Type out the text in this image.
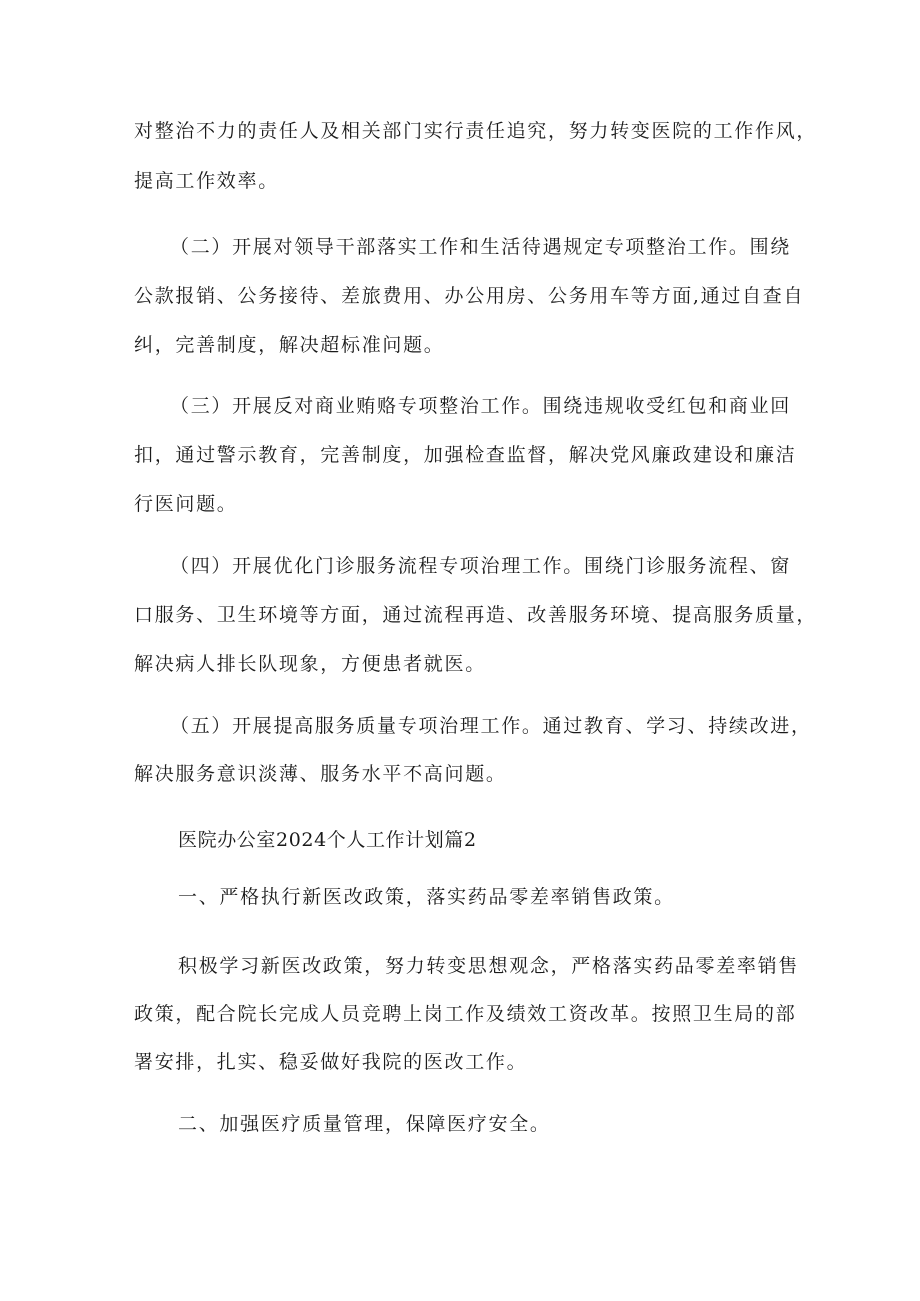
对整治不力的责任人及相关部门实行责任追究，努力转变医院的工作作风，
提高工作效率。
（二）开展对领导干部落实工作和生活待遇规定专项整治工作。围绕
公款报销、公务接待、差旅费用、办公用房、公务用车等方面,通过自查自
纠，完善制度，解决超标准问题。
（三）开展反对商业贿赂专项整治工作。围绕违规收受红包和商业回
扣，通过警示教育，完善制度，加强检查监督，解决党风廉政建设和廉洁
行医问题。
（四）开展优化门诊服务流程专项治理工作。围绕门诊服务流程、窗
口服务、卫生环境等方面，通过流程再造、改善服务环境、提高服务质量，
解决病人排长队现象，方便患者就医。
（五）开展提高服务质量专项治理工作。通过教育、学习、持续改进，
解决服务意识淡薄、服务水平不高问题。
医院办公室2024个人工作计划篇2
一、严格执行新医改政策，落实药品零差率销售政策。
积极学习新医改政策，努力转变思想观念，严格落实药品零差率销售
政策，配合院长完成人员竞聘上岗工作及绩效工资改革。按照卫生局的部
署安排，扎实、稳妥做好我院的医改工作。
二、加强医疗质量管理，保障医疗安全。
